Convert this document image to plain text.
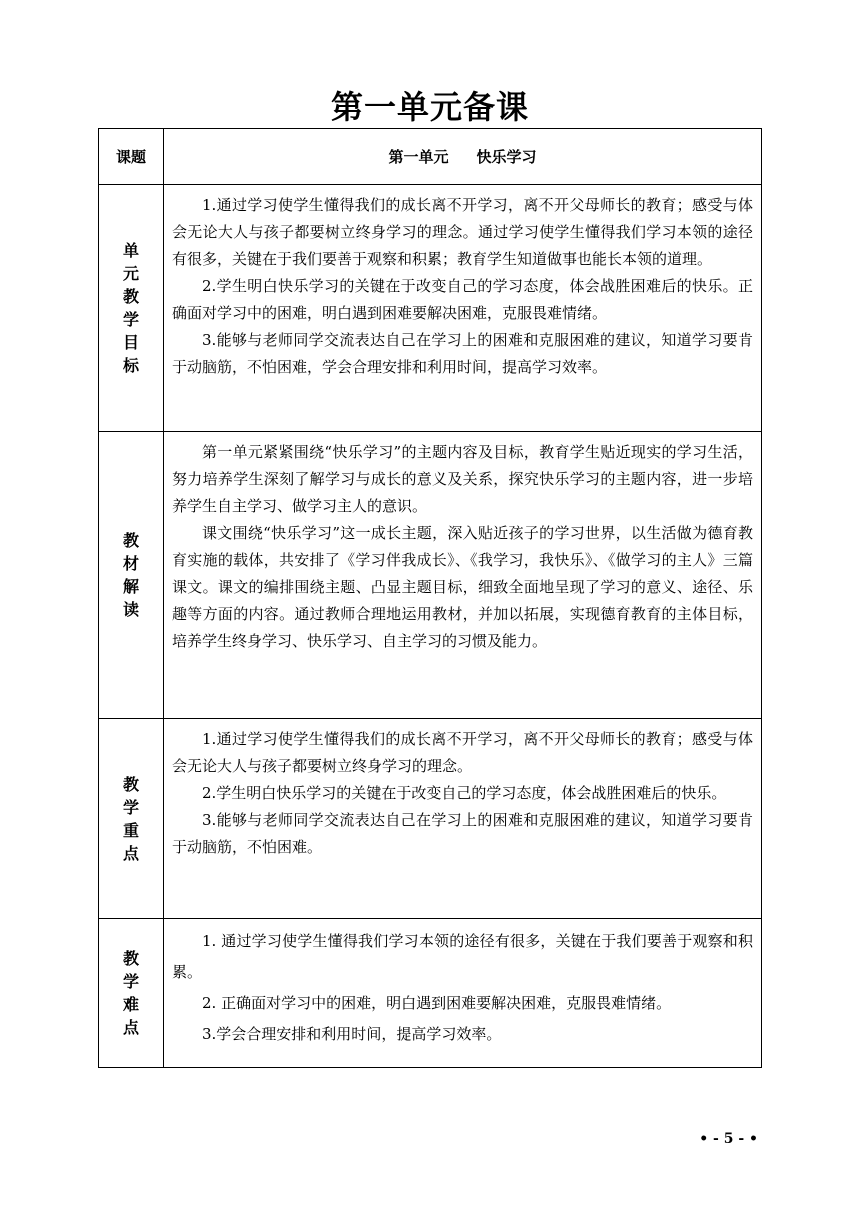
第一单元备课
课题	第一单元 快乐学习
单元教学目标	1.通过学习使学生懂得我们的成长离不开学习，离不开父母师长的教育；感受与体会无论大人与孩子都要树立终身学习的理念。通过学习使学生懂得我们学习本领的途径有很多，关键在于我们要善于观察和积累；教育学生知道做事也能长本领的道理。

2.学生明白快乐学习的关键在于改变自己的学习态度，体会战胜困难后的快乐。正确面对学习中的困难，明白遇到困难要解决困难，克服畏难情绪。

3.能够与老师同学交流表达自己在学习上的困难和克服困难的建议，知道学习要肯于动脑筋，不怕困难，学会合理安排和利用时间，提高学习效率。

教材解读	第一单元紧紧围绕“快乐学习”的主题内容及目标，教育学生贴近现实的学习生活，努力培养学生深刻了解学习与成长的意义及关系，探究快乐学习的主题内容，进一步培养学生自主学习、做学习主人的意识。

课文围绕“快乐学习”这一成长主题，深入贴近孩子的学习世界，以生活做为德育教育实施的载体，共安排了《学习伴我成长》、《我学习，我快乐》、《做学习的主人》三篇课文。课文的编排围绕主题、凸显主题目标，细致全面地呈现了学习的意义、途径、乐趣等方面的内容。通过教师合理地运用教材，并加以拓展，实现德育教育的主体目标，培养学生终身学习、快乐学习、自主学习的习惯及能力。

教学重点	1.通过学习使学生懂得我们的成长离不开学习，离不开父母师长的教育；感受与体会无论大人与孩子都要树立终身学习的理念。

2.学生明白快乐学习的关键在于改变自己的学习态度，体会战胜困难后的快乐。

3.能够与老师同学交流表达自己在学习上的困难和克服困难的建议，知道学习要肯于动脑筋，不怕困难。

教学难点	1. 通过学习使学生懂得我们学习本领的途径有很多，关键在于我们要善于观察和积累。

2. 正确面对学习中的困难，明白遇到困难要解决困难，克服畏难情绪。

3.学会合理安排和利用时间，提高学习效率。

• - 5 - •
